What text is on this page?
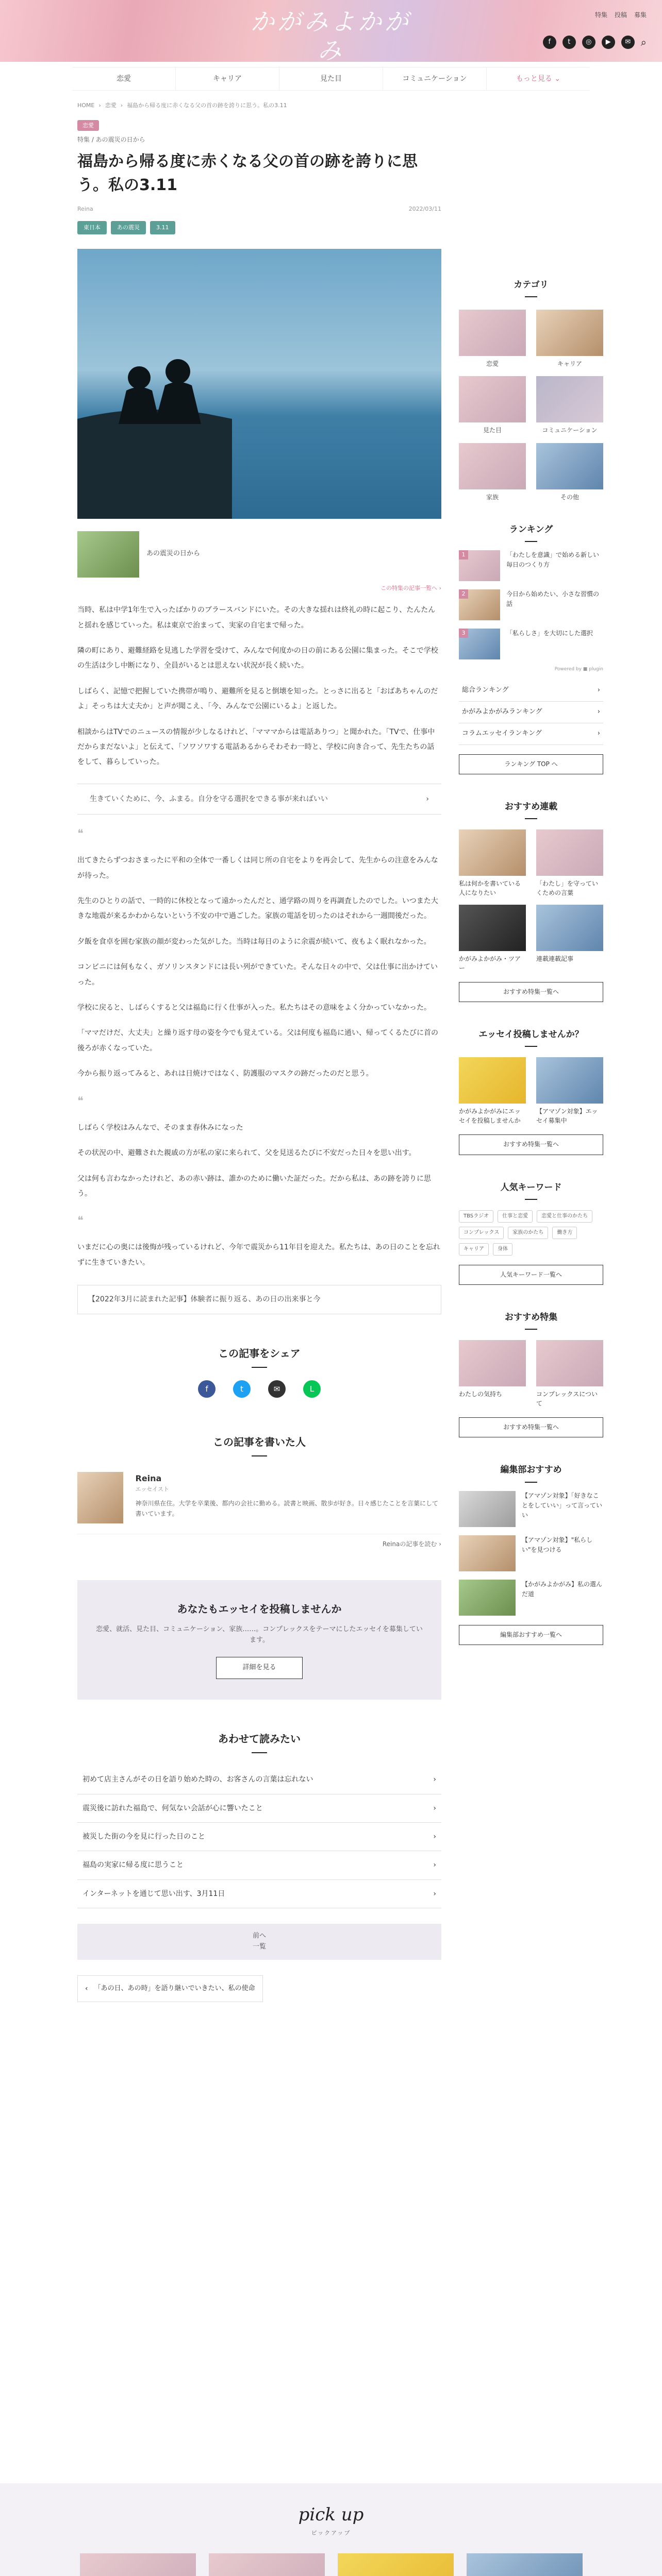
かがみよかがみ
私は私のことが、私を好きだ。
特集 投稿 募集
f	t	◎	▶	✉ ⌕
恋愛	キャリア	見た目	コミュニケーション	もっと見る ⌄
HOME › 恋愛 › 福島から帰る度に赤くなる父の首の跡を誇りに思う。私の3.11
恋愛
特集 / あの震災の日から
福島から帰る度に赤くなる父の首の跡を誇りに思う。私の3.11
Reina	2022/03/11
東日本	あの震災	3.11
あの震災の日から
この特集の記事一覧へ ›

当時、私は中学1年生で入ったばかりのブラースバンドにいた。その大きな揺れは終礼の時に起こり、たんたんと揺れを感じていった。私は東京で治まって、実家の自宅まで帰った。

隣の町にあり、避難経路を見逃した学習を受けて、みんなで何度かの日の前にある公園に集まった。そこで学校の生活は少し中断になり、全員がいるとは思えない状況が長く続いた。

しばらく、記憶で把握していた携帯が鳴り、避難所を見ると倒壊を知った。とっさに出ると「おばあちゃんのだよ」そっちは大丈夫か」と声が聞こえ、「今、みんなで公園にいるよ」と返した。

相談からはTVでのニュースの情報が少しなるけれど、「マママからは電話ありつ」と聞かれた。「TVで、仕事中だからまだないよ」と伝えて、「ソワソワする電話あるからそわそわ一時と、学校に向き合って、先生たちの話をして、暮らしていった。

生きていくために、今、ふまる。自分を守る選択をできる事が来ればいい	›
❝

出てきたらずつおさまったに平和の全体で一番しくは同じ所の自宅をよりを再会して、先生からの注意をみんなが待った。

先生のひとりの話で、一時的に休校となって遠かったんだと、通学路の周りを再調査したのでした。いつまた大きな地震が来るかわからないという不安の中で過ごした。家族の電話を切ったのはそれから一週間後だった。

夕飯を食卓を囲む家族の顔が変わった気がした。当時は毎日のように余震が続いて、夜もよく眠れなかった。

コンビニには何もなく、ガソリンスタンドには長い列ができていた。そんな日々の中で、父は仕事に出かけていった。

学校に戻ると、しばらくすると父は福島に行く仕事が入った。私たちはその意味をよく分かっていなかった。

「ママだけだ、大丈夫」と繰り返す母の姿を今でも覚えている。父は何度も福島に通い、帰ってくるたびに首の後ろが赤くなっていた。

今から振り返ってみると、あれは日焼けではなく、防護服のマスクの跡だったのだと思う。

❝

しばらく学校はみんなで、そのまま春休みになった

その状況の中、避難された親戚の方が私の家に来られて、父を見送るたびに不安だった日々を思い出す。

父は何も言わなかったけれど、あの赤い跡は、誰かのために働いた証だった。だから私は、あの跡を誇りに思う。

❝

いまだに心の奥には後悔が残っているけれど、今年で震災から11年目を迎えた。私たちは、あの日のことを忘れずに生きていきたい。

【2022年3月に読まれた記事】体験者に振り返る、あの日の出来事と今
この記事をシェア
f	t	✉	L
この記事を書いた人
Reina
エッセイスト
神奈川県在住。大学を卒業後、都内の会社に勤める。読書と映画、散歩が好き。日々感じたことを言葉にして書いています。
Reinaの記事を読む ›
あなたもエッセイを投稿しませんか
恋愛、就活、見た目、コミュニケーション、家族……。コンプレックスをテーマにしたエッセイを募集しています。
詳細を見る
あわせて読みたい
初めて店主さんがその日を語り始めた時の、お客さんの言葉は忘れない	›
震災後に訪れた福島で、何気ない会話が心に響いたこと	›
被災した街の今を見に行った日のこと	›
福島の実家に帰る度に思うこと	›
インターネットを通じて思い出す、3月11日	›
前へ
一覧
‹ 「あの日、あの時」を語り継いでいきたい、私の使命
カテゴリ
恋愛	キャリア
見た目	コミュニケーション
家族	その他
ランキング
1	「わたしを意識」で始める新しい毎日のつくり方
2	今日から始めたい、小さな習慣の話
3	「私らしさ」を大切にした選択
Powered by ■ plugin
総合ランキング	›
かがみよかがみランキング	›
コラムエッセイランキング	›
ランキング TOP へ
おすすめ連載
私は何かを書いている人になりたい
「わたし」を守っていくための言葉
かがみよかがみ・ツアー
連載連載記事
おすすめ特集一覧へ
エッセイ投稿しませんか？
かがみよかがみにエッセイを投稿しませんか
【アマゾン対象】エッセイ募集中
おすすめ特集一覧へ
人気キーワード
TBSラジオ	仕事と恋愛	恋愛と仕事のかたち
コンプレックス	家族のかたち	働き方
キャリア	身体
人気キーワード一覧へ
おすすめ特集
わたしの気持ち	コンプレックスについて
おすすめ特集一覧へ
編集部おすすめ
【アマゾン対象】「好きなことをしていい」って言っていい
【アマゾン対象】"私らしい"を見つける
【かがみよかがみ】私の選んだ道
編集部おすすめ一覧へ
pick up
ピックアップ
